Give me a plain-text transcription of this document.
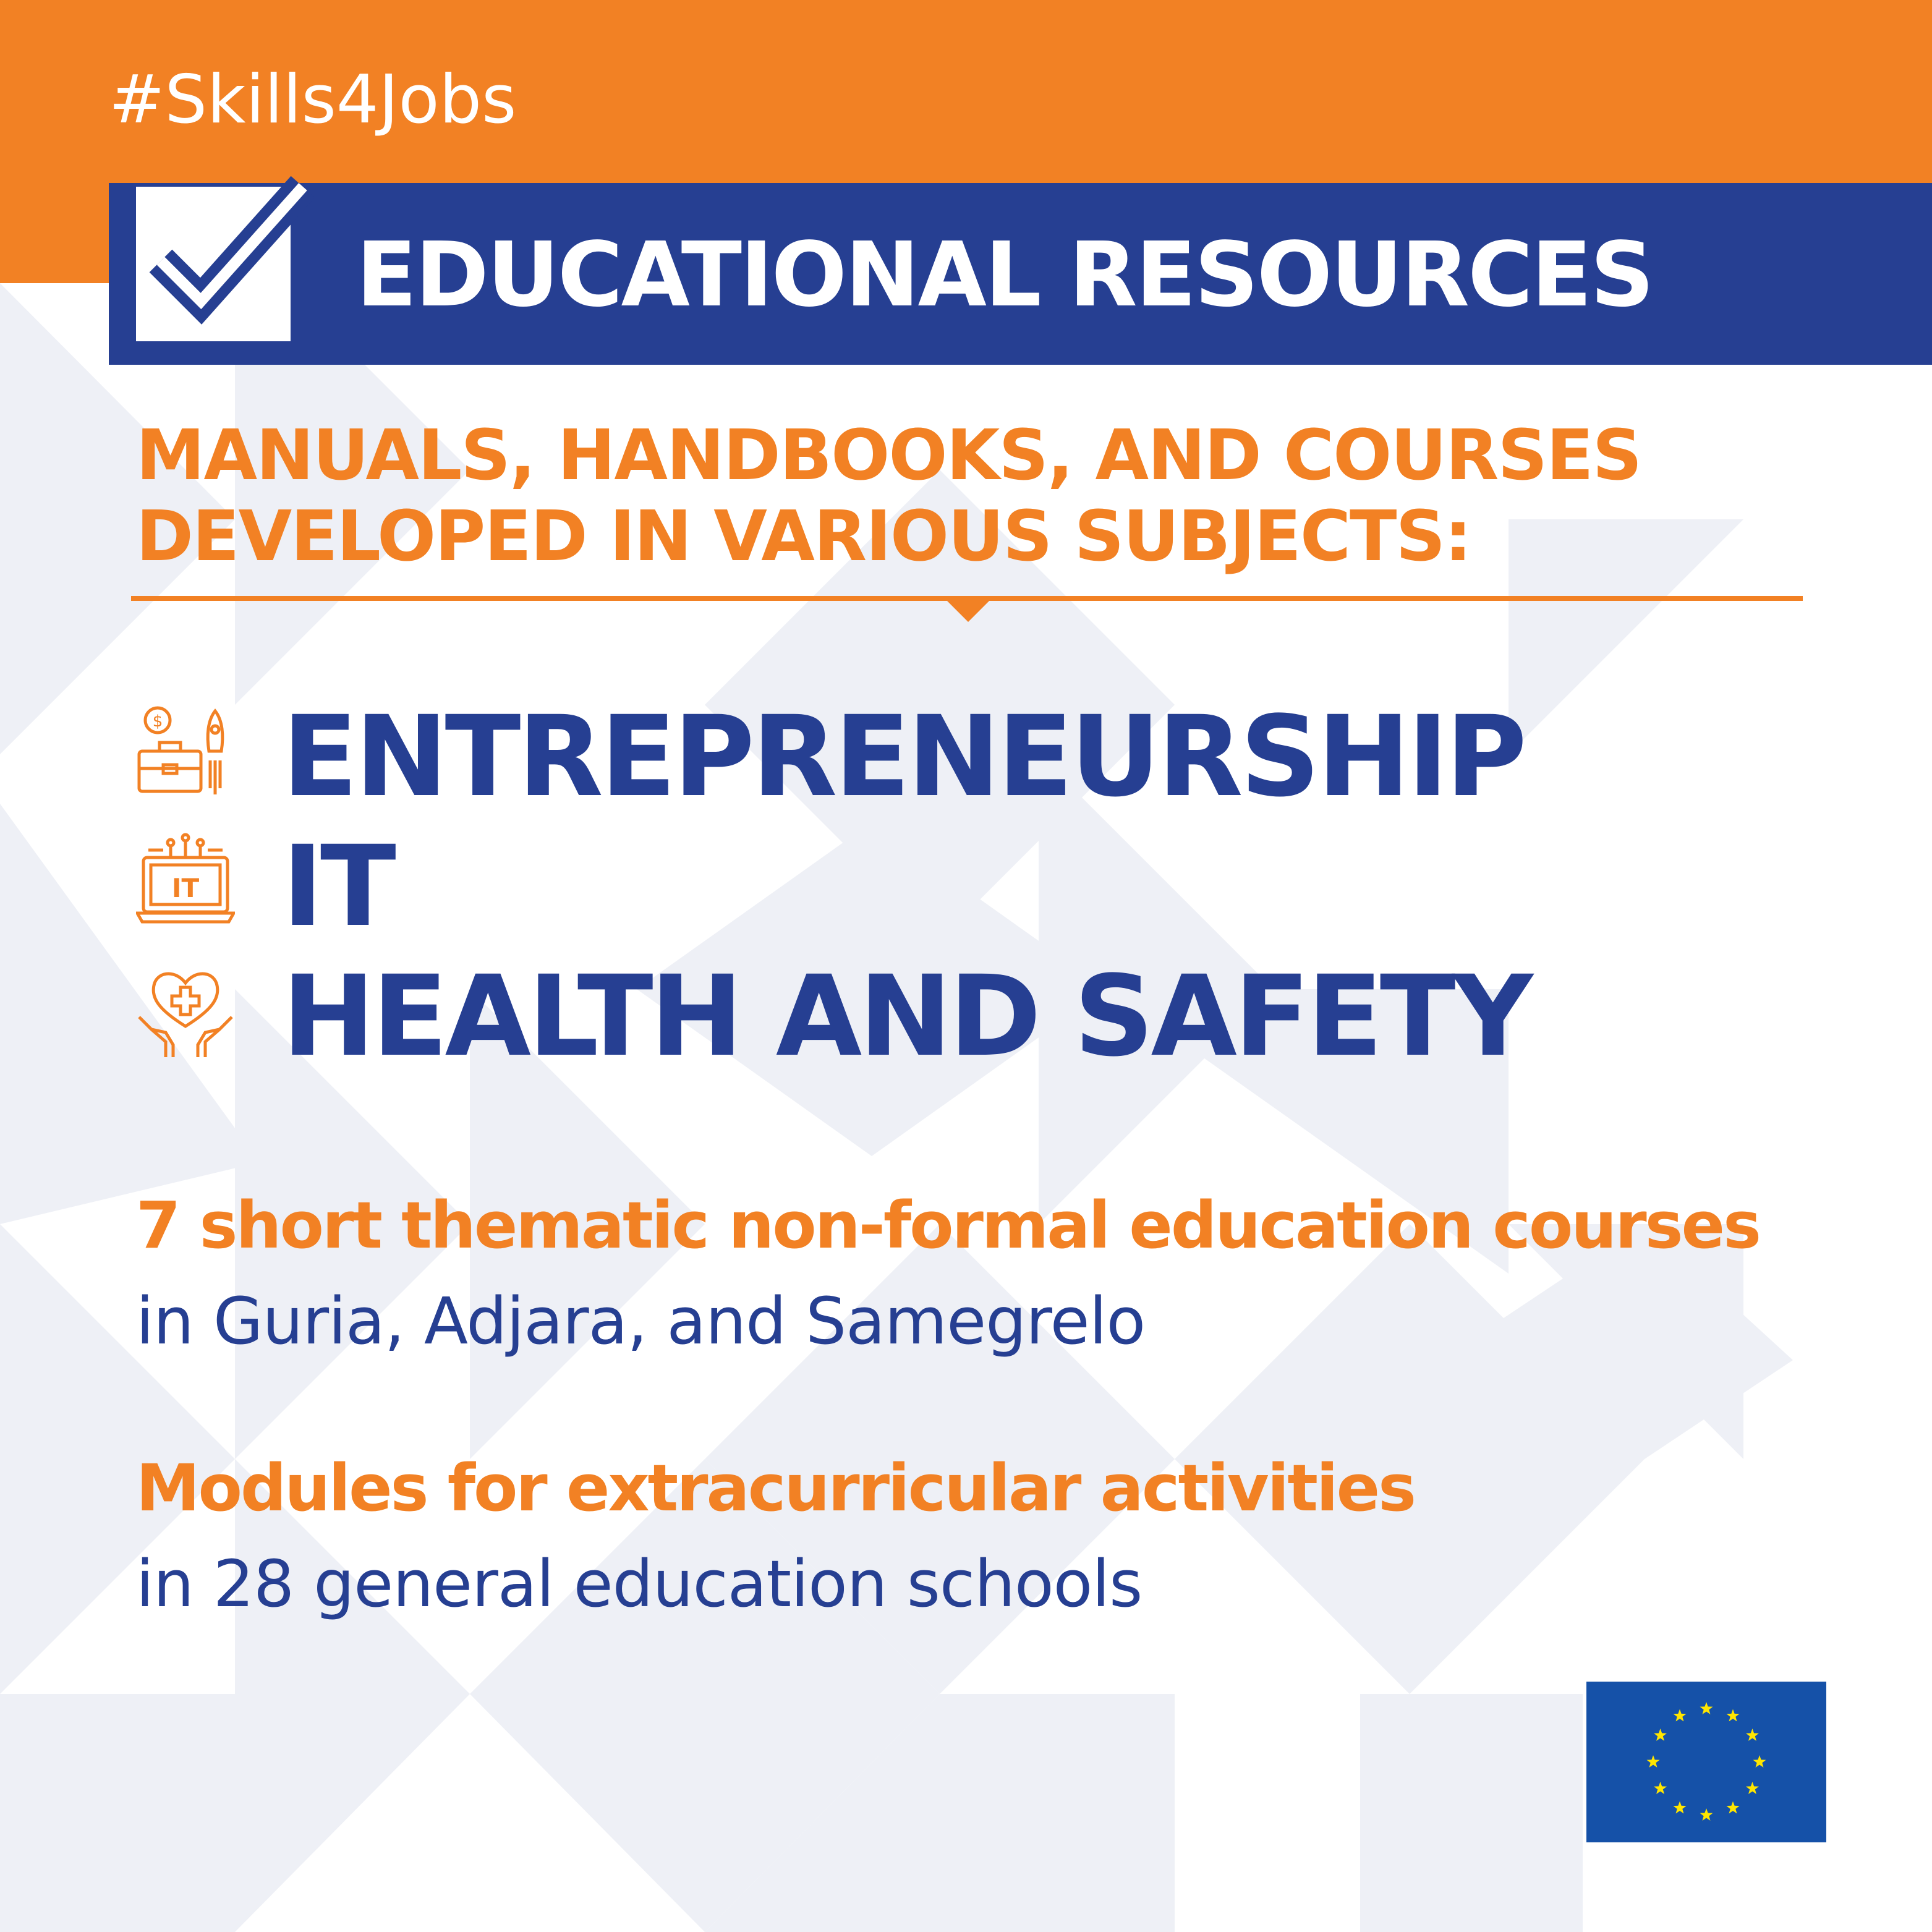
#Skills4Jobs
EDUCATIONAL RESOURCES
MANUALS, HANDBOOKS, AND COURSES
DEVELOPED IN VARIOUS SUBJECTS:
$ ENTREPRENEURSHIP
IT IT
HEALTH AND SAFETY
7 short thematic non-formal education courses
in Guria, Adjara, and Samegrelo
Modules for extracurricular activities
in 28 general education schools
